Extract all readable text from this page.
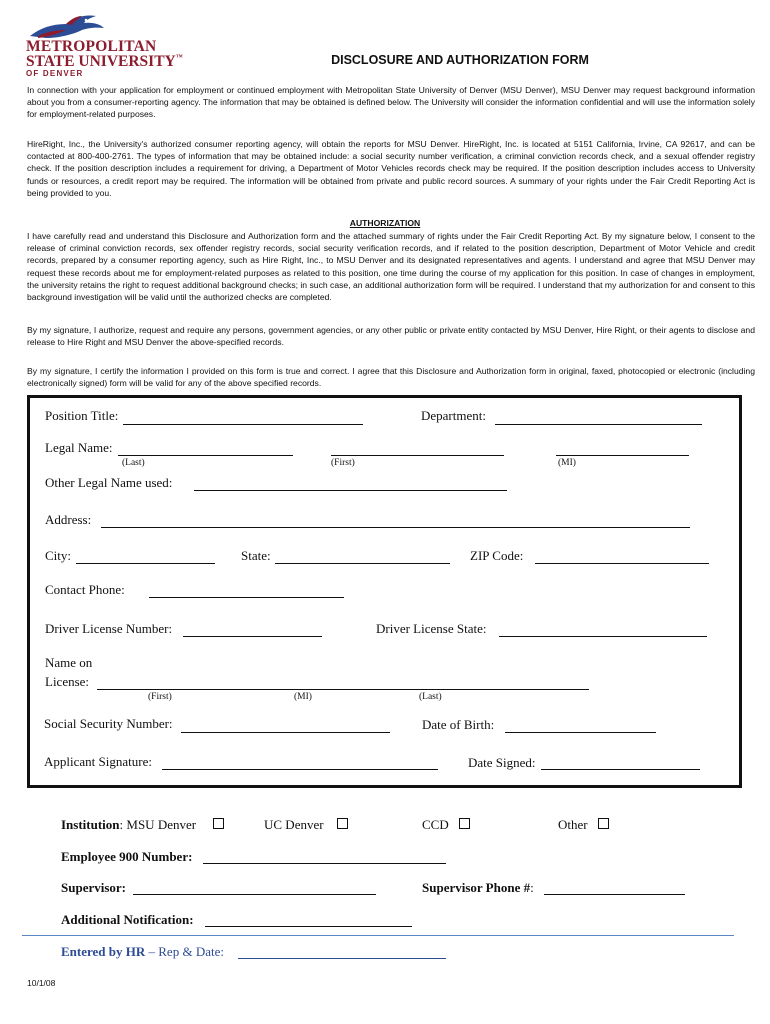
METROPOLITAN
STATE UNIVERSITY™
OF DENVER
DISCLOSURE AND AUTHORIZATION FORM
In connection with your application for employment or continued employment with Metropolitan State University of Denver (MSU Denver), MSU Denver may request background information about you from a consumer-reporting agency. The information that may be obtained is defined below. The University will consider the information confidential and will use the information solely for employment-related purposes.
HireRight, Inc., the University's authorized consumer reporting agency, will obtain the reports for MSU Denver. HireRight, Inc. is located at 5151 California, Irvine, CA 92617, and can be contacted at 800-400-2761. The types of information that may be obtained include: a social security number verification, a criminal conviction records check, and a sexual offender registry check. If the position description includes a requirement for driving, a Department of Motor Vehicles records check may be required. If the position description includes access to University funds or resources, a credit report may be required. The information will be obtained from private and public record sources. A summary of your rights under the Fair Credit Reporting Act is being provided to you.
AUTHORIZATION
I have carefully read and understand this Disclosure and Authorization form and the attached summary of rights under the Fair Credit Reporting Act. By my signature below, I consent to the release of criminal conviction records, sex offender registry records, social security verification records, and if related to the position description, Department of Motor Vehicle and credit records, prepared by a consumer reporting agency, such as Hire Right, Inc., to MSU Denver and its designated representatives and agents. I understand and agree that MSU Denver may request these records about me for employment-related purposes as related to this position, one time during the course of my application for this position. In case of changes in employment, the university retains the right to request additional background checks; in such case, an additional authorization form will be required. I understand that my authorization for and consent to this background investigation will be valid until the authorized checks are completed.
By my signature, I authorize, request and require any persons, government agencies, or any other public or private entity contacted by MSU Denver, Hire Right, or their agents to disclose and release to Hire Right and MSU Denver the above-specified records.
By my signature, I certify the information I provided on this form is true and correct. I agree that this Disclosure and Authorization form in original, faxed, photocopied or electronic (including electronically signed) form will be valid for any of the above specified records.
Position Title:	Department:
Legal Name:
(Last)	(First)	(MI)
Other Legal Name used:
Address:
City:	State:	ZIP Code:
Contact Phone:
Driver License Number:	Driver License State:
Name on
License:
(First)	(MI)	(Last)
Social Security Number:	Date of Birth:
Applicant Signature:	Date Signed:
Institution: MSU Denver	UC Denver	CCD	Other
Employee 900 Number:
Supervisor:	Supervisor Phone #:
Additional Notification:
Entered by HR – Rep & Date:
10/1/08
